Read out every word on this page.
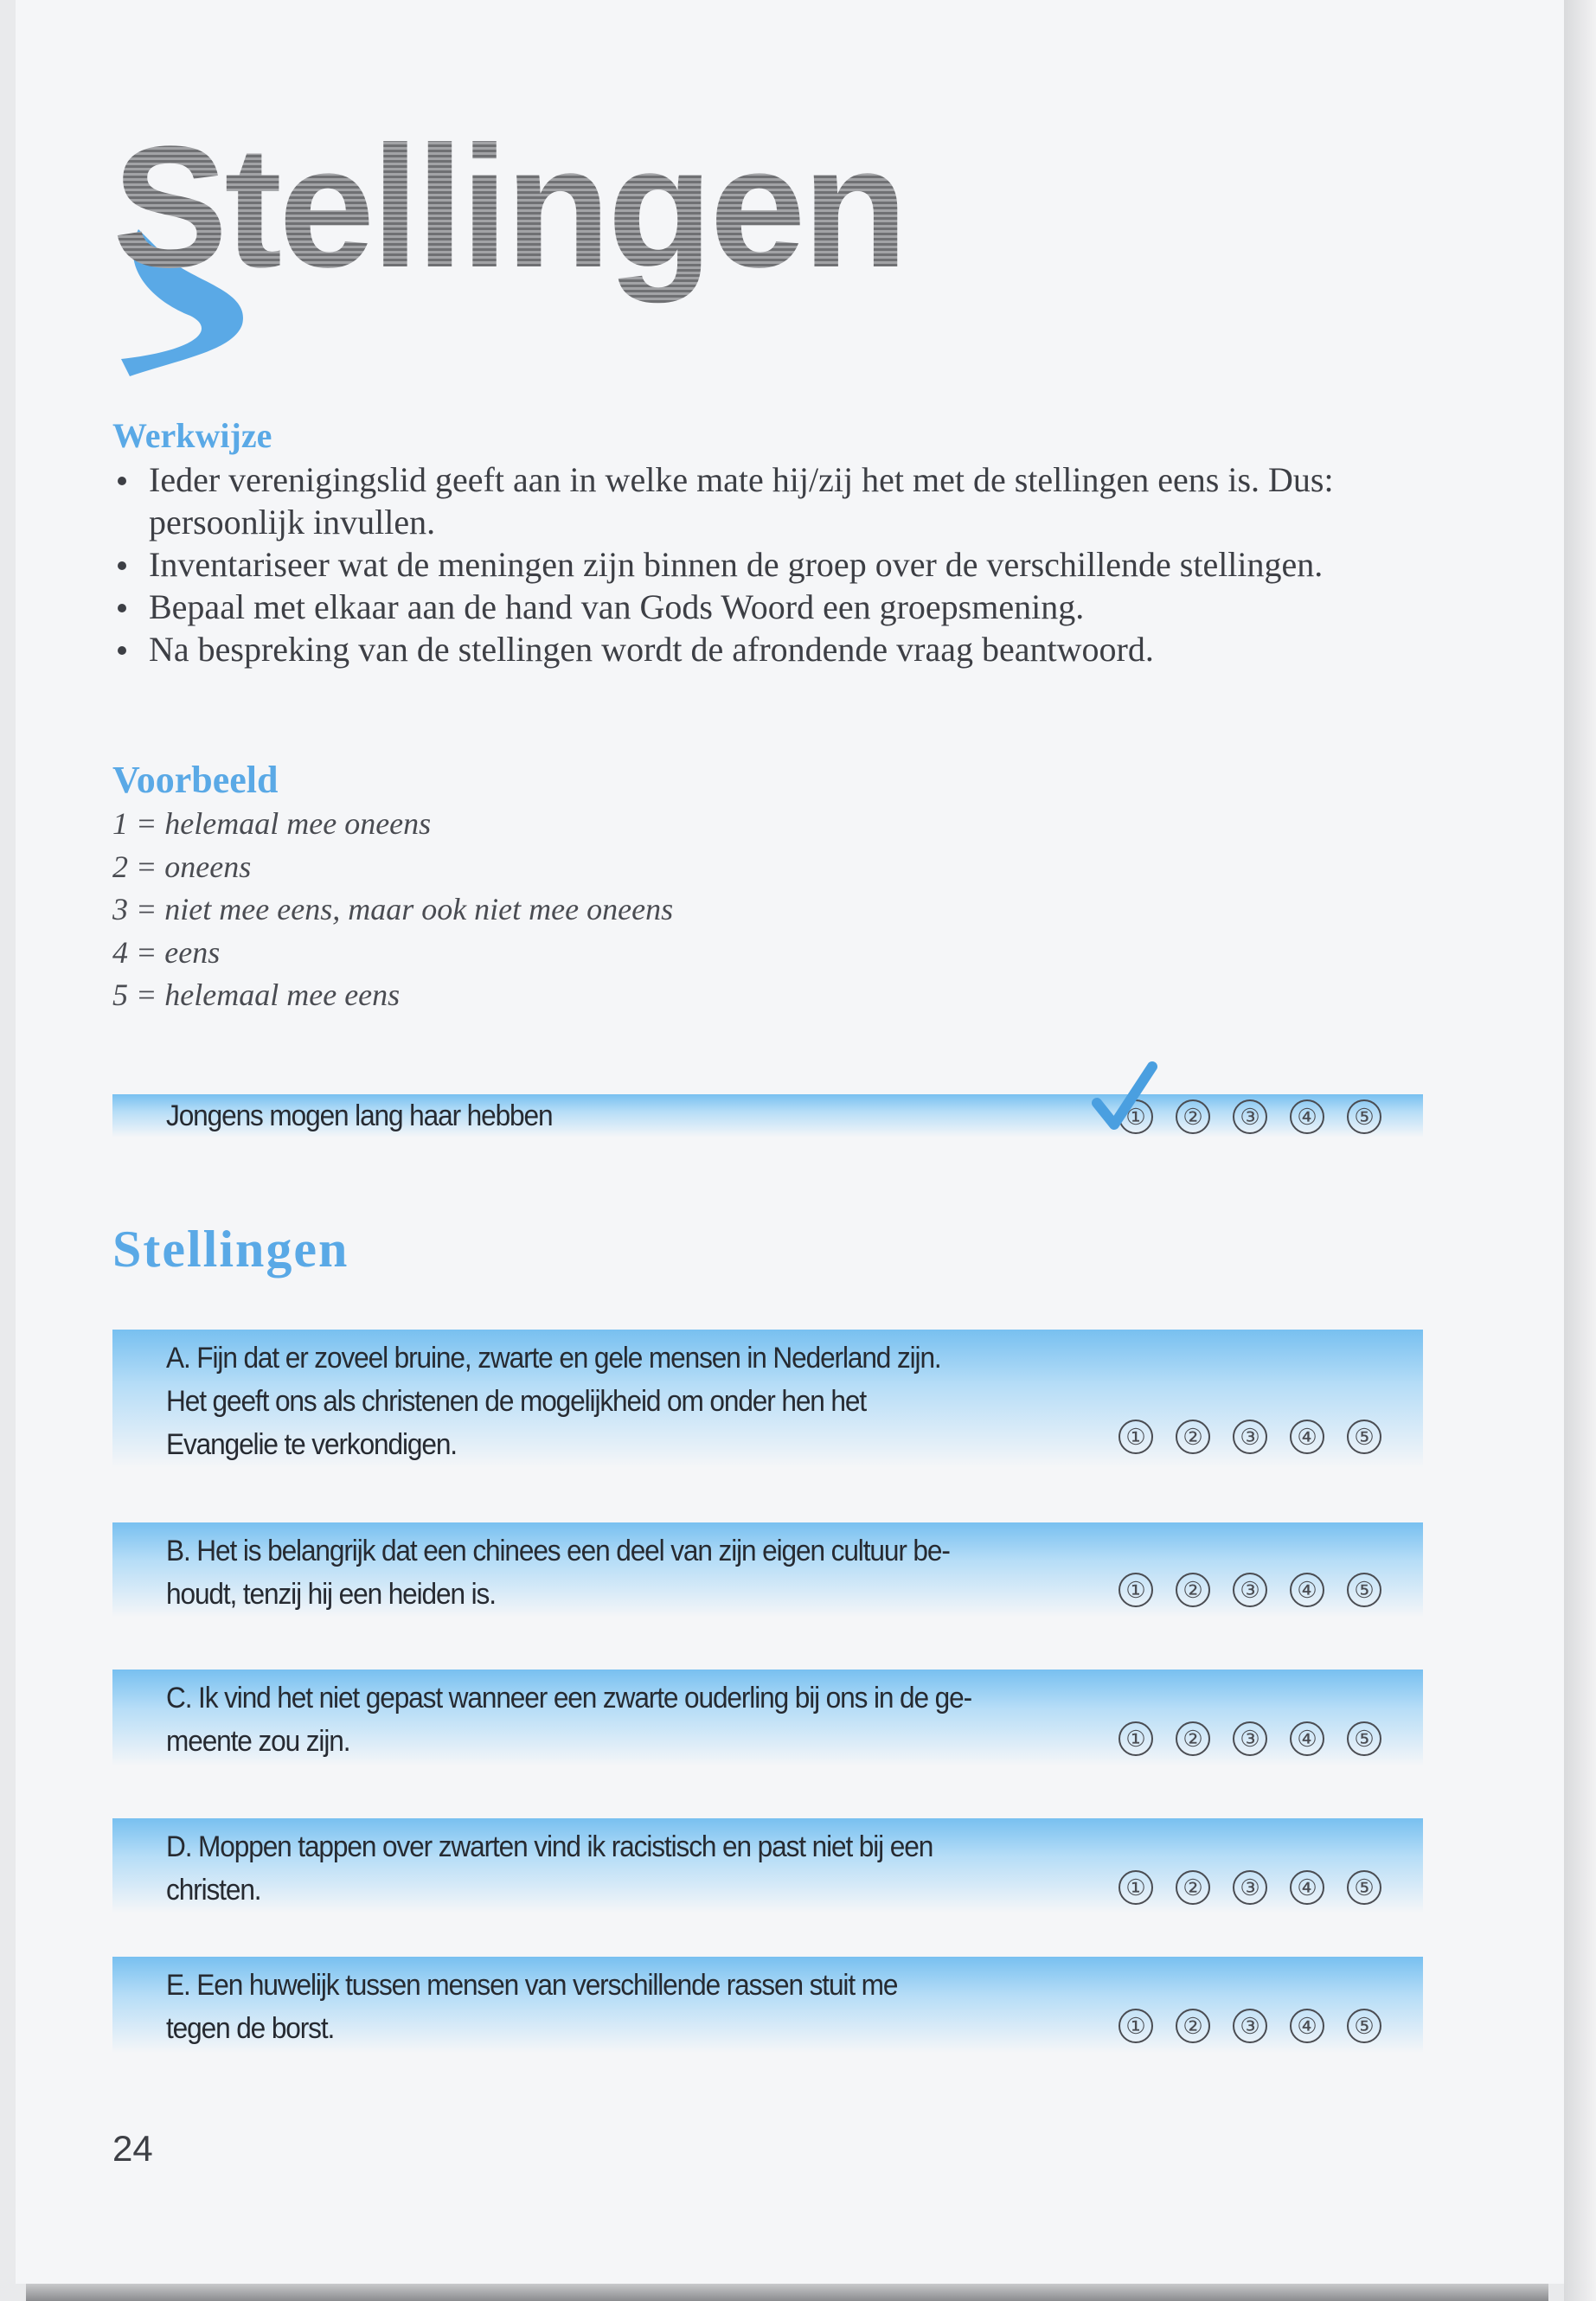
Stellingen
Werkwijze
Ieder verenigingslid geeft aan in welke mate hij/zij het met de stellingen eens is. Dus: persoonlijk invullen.
Inventariseer wat de meningen zijn binnen de groep over de verschillende stellingen.
Bepaal met elkaar aan de hand van Gods Woord een groepsmening.
Na bespreking van de stellingen wordt de afrondende vraag beantwoord.
Voorbeeld
1 = helemaal mee oneens
2 = oneens
3 = niet mee eens, maar ook niet mee oneens
4 = eens
5 = helemaal mee eens
Jongens mogen lang haar hebben	①	②	③	④	⑤
Stellingen
A. Fijn dat er zoveel bruine, zwarte en gele mensen in Nederland zijn.
Het geeft ons als christenen de mogelijkheid om onder hen het
Evangelie te verkondigen.	①	②	③	④	⑤
B. Het is belangrijk dat een chinees een deel van zijn eigen cultuur be-
houdt, tenzij hij een heiden is.	①	②	③	④	⑤
C. Ik vind het niet gepast wanneer een zwarte ouderling bij ons in de ge-
meente zou zijn.	①	②	③	④	⑤
D. Moppen tappen over zwarten vind ik racistisch en past niet bij een
christen.	①	②	③	④	⑤
E. Een huwelijk tussen mensen van verschillende rassen stuit me
tegen de borst.	①	②	③	④	⑤
24
